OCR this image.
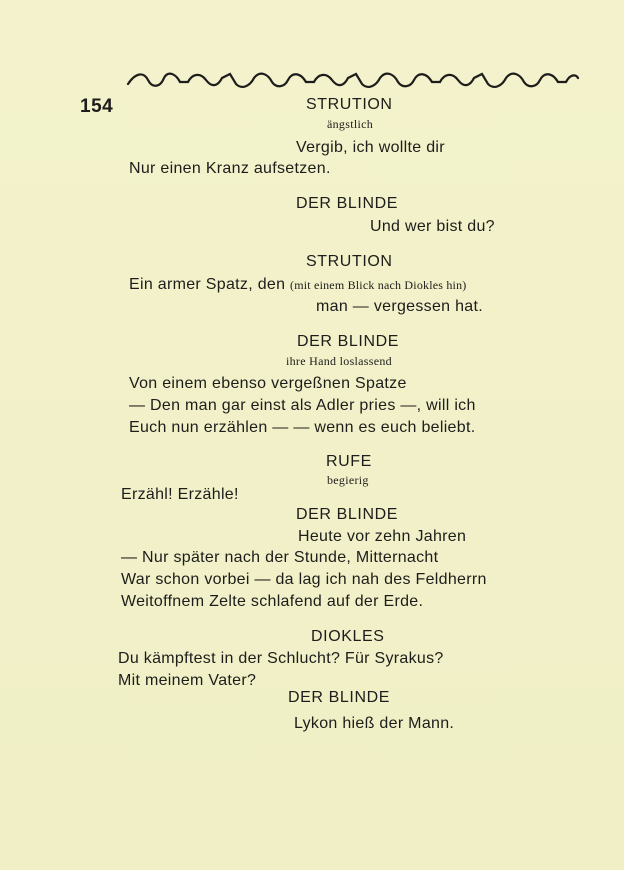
154	STRUTION
ängstlich
Vergib, ich wollte dir
Nur einen Kranz aufsetzen.
DER BLINDE
Und wer bist du?
STRUTION
Ein armer Spatz, den (mit einem Blick nach Diokles hin)
man — vergessen hat.
DER BLINDE
ihre Hand loslassend
Von einem ebenso vergeßnen Spatze
— Den man gar einst als Adler pries —, will ich
Euch nun erzählen — — wenn es euch beliebt.
RUFE
begierig
Erzähl! Erzähle!
DER BLINDE
Heute vor zehn Jahren
— Nur später nach der Stunde, Mitternacht
War schon vorbei — da lag ich nah des Feldherrn
Weitoffnem Zelte schlafend auf der Erde.
DIOKLES
Du kämpftest in der Schlucht? Für Syrakus?
Mit meinem Vater?
DER BLINDE
Lykon hieß der Mann.
